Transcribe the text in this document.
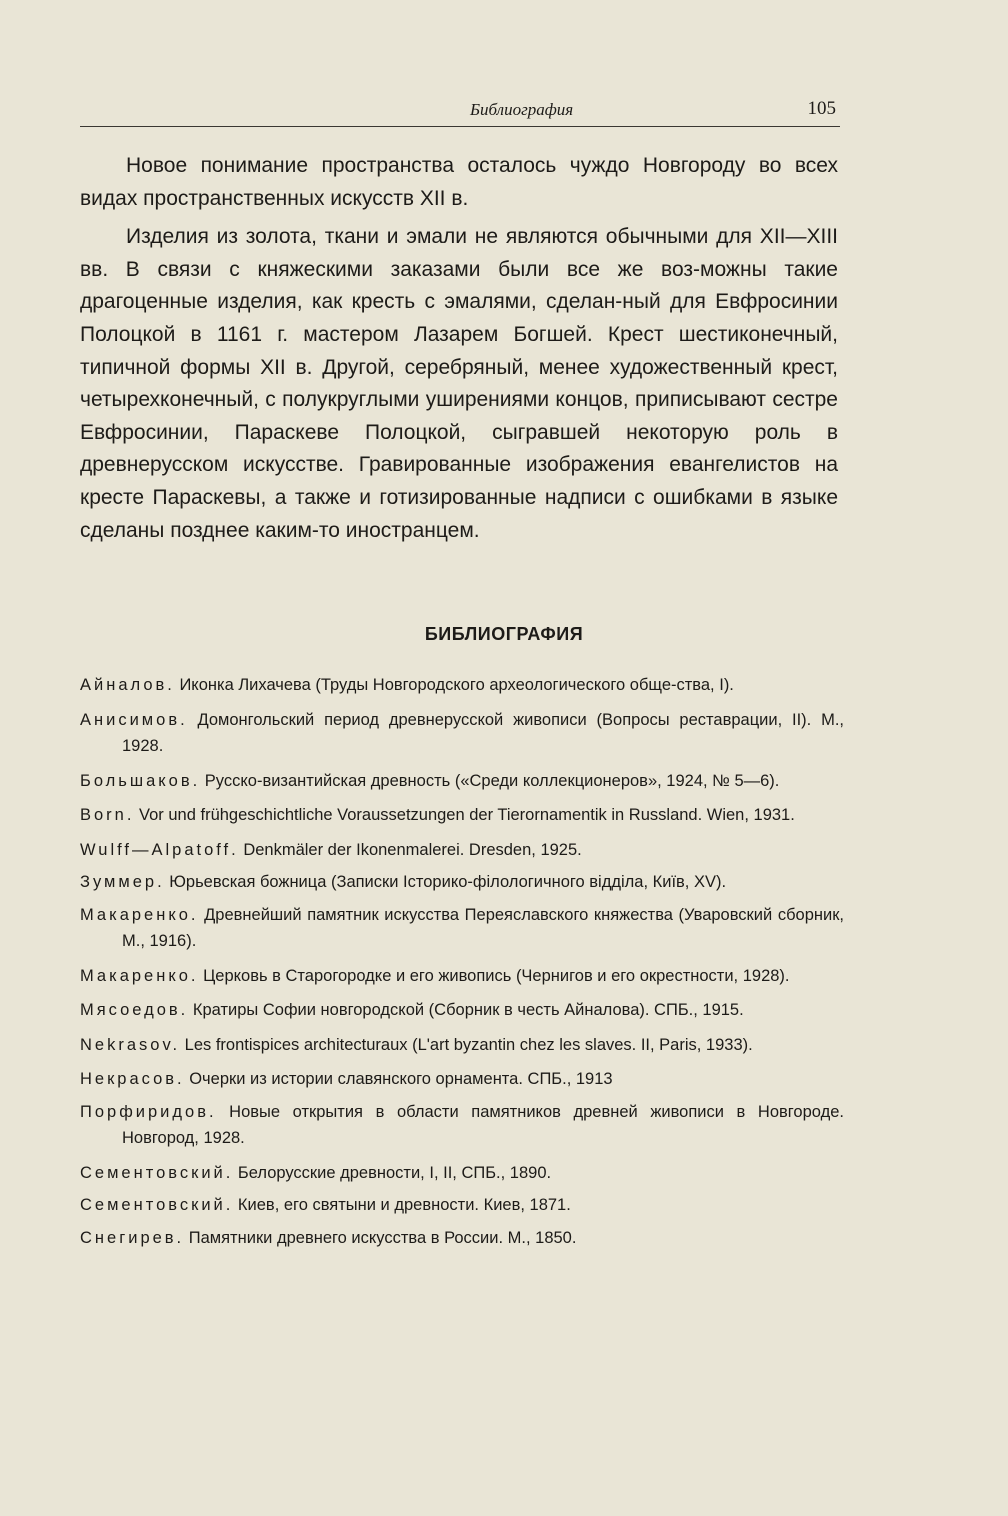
Библиография	105

Новое понимание пространства осталось чуждо Новгороду во всех видах пространственных искусств XII в.

Изделия из золота, ткани и эмали не являются обычными для XII—XIII вв. В связи с княжескими заказами были все же воз-можны такие драгоценные изделия, как кресть с эмалями, сделан-ный для Евфросинии Полоцкой в 1161 г. мастером Лазарем Богшей. Крест шестиконечный, типичной формы XII в. Другой, серебряный, менее художественный крест, четырехконечный, с полукруглыми уширениями концов, приписывают сестре Евфросинии, Параскеве Полоцкой, сыгравшей некоторую роль в древнерусском искусстве. Гравированные изображения евангелистов на кресте Параскевы, а также и готизированные надписи с ошибками в языке сделаны позднее каким-то иностранцем.

БИБЛИОГРАФИЯ
Айналов. Иконка Лихачева (Труды Новгородского археологического обще-ства, I).
Анисимов. Домонгольский период древнерусской живописи (Вопросы реставрации, II). М., 1928.
Большаков. Русско-византийская древность («Среди коллекционеров», 1924, № 5—6).
Born. Vor und frühgeschichtliche Voraussetzungen der Tierornamentik in Russland. Wien, 1931.
Wulff—Alpatoff. Denkmäler der Ikonenmalerei. Dresden, 1925.
Зуммер. Юрьевская божница (Записки Історико-філологичного відділа, Київ, XV).
Макаренко. Древнейший памятник искусства Переяславского княжества (Уваровский сборник, М., 1916).
Макаренко. Церковь в Старогородке и его живопись (Чернигов и его окрестности, 1928).
Мясоедов. Кратиры Софии новгородской (Сборник в честь Айналова). СПБ., 1915.
Nekrasov. Les frontispices architecturaux (L'art byzantin chez les slaves. II, Paris, 1933).
Некрасов. Очерки из истории славянского орнамента. СПБ., 1913
Порфиридов. Новые открытия в области памятников древней живописи в Новгороде. Новгород, 1928.
Сементовский. Белорусские древности, I, II, СПБ., 1890.
Сементовский. Киев, его святыни и древности. Киев, 1871.
Снегирев. Памятники древнего искусства в России. М., 1850.
